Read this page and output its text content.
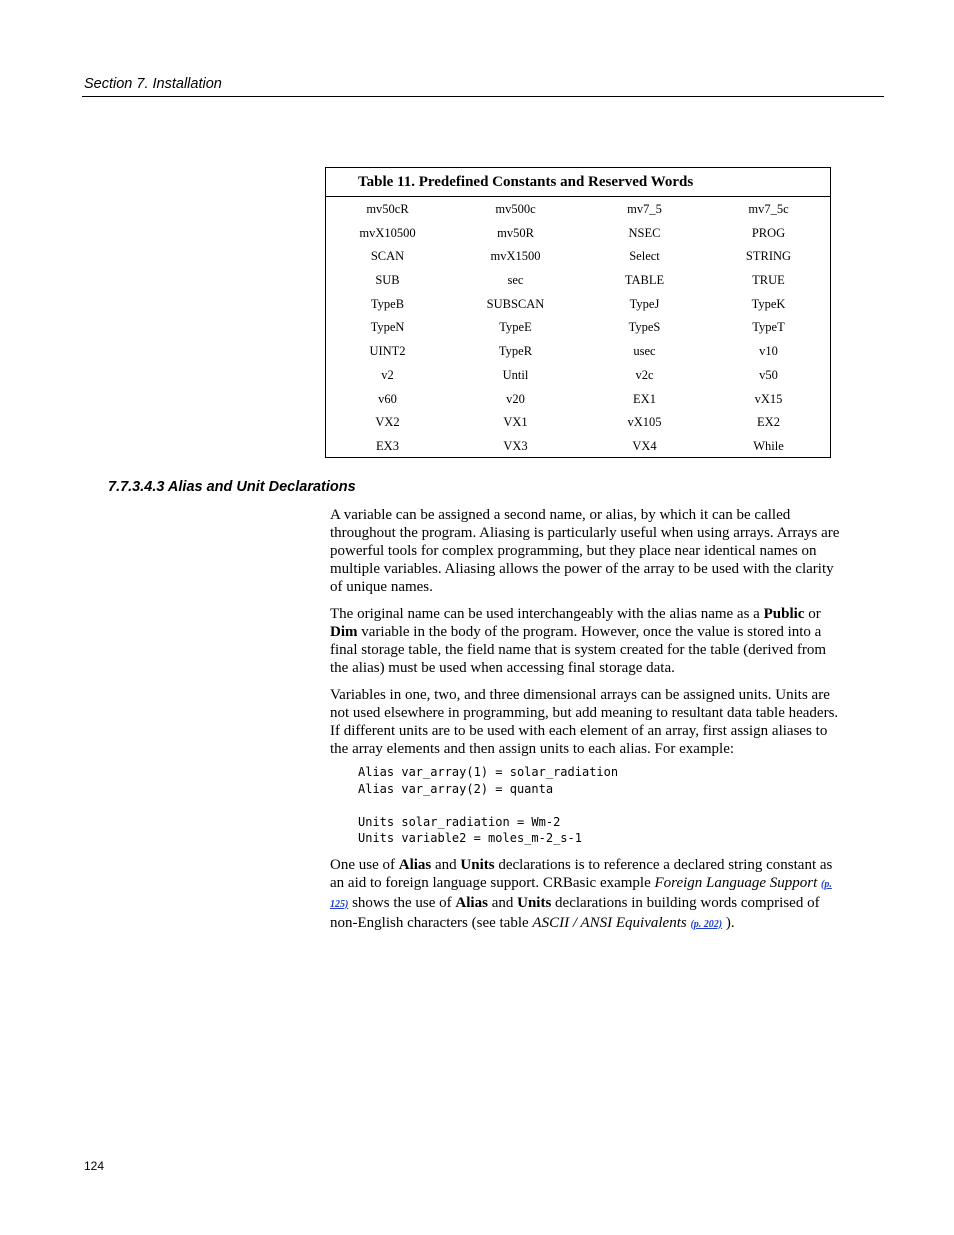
Section 7. Installation
Table 11. Predefined Constants and Reserved Words
mv50cR	mv500c	mv7_5	mv7_5c
mvX10500	mv50R	NSEC	PROG
SCAN	mvX1500	Select	STRING
SUB	sec	TABLE	TRUE
TypeB	SUBSCAN	TypeJ	TypeK
TypeN	TypeE	TypeS	TypeT
UINT2	TypeR	usec	v10
v2	Until	v2c	v50
v60	v20	EX1	vX15
VX2	VX1	vX105	EX2
EX3	VX3	VX4	While
7.7.3.4.3 Alias and Unit Declarations

A variable can be assigned a second name, or alias, by which it can be called throughout the program. Aliasing is particularly useful when using arrays. Arrays are powerful tools for complex programming, but they place near identical names on multiple variables. Aliasing allows the power of the array to be used with the clarity of unique names.

The original name can be used interchangeably with the alias name as a Public or Dim variable in the body of the program. However, once the value is stored into a final storage table, the field name that is system created for the table (derived from the alias) must be used when accessing final storage data.

Variables in one, two, and three dimensional arrays can be assigned units. Units are not used elsewhere in programming, but add meaning to resultant data table headers. If different units are to be used with each element of an array, first assign aliases to the array elements and then assign units to each alias. For example:

Alias var_array(1) = solar_radiation
Alias var_array(2) = quanta
Units solar_radiation = Wm-2
Units variable2 = moles_m-2_s-1

One use of Alias and Units declarations is to reference a declared string constant as an aid to foreign language support. CRBasic example Foreign Language Support (p. 125) shows the use of Alias and Units declarations in building words comprised of non-English characters (see table ASCII / ANSI Equivalents (p. 202) ).

124
